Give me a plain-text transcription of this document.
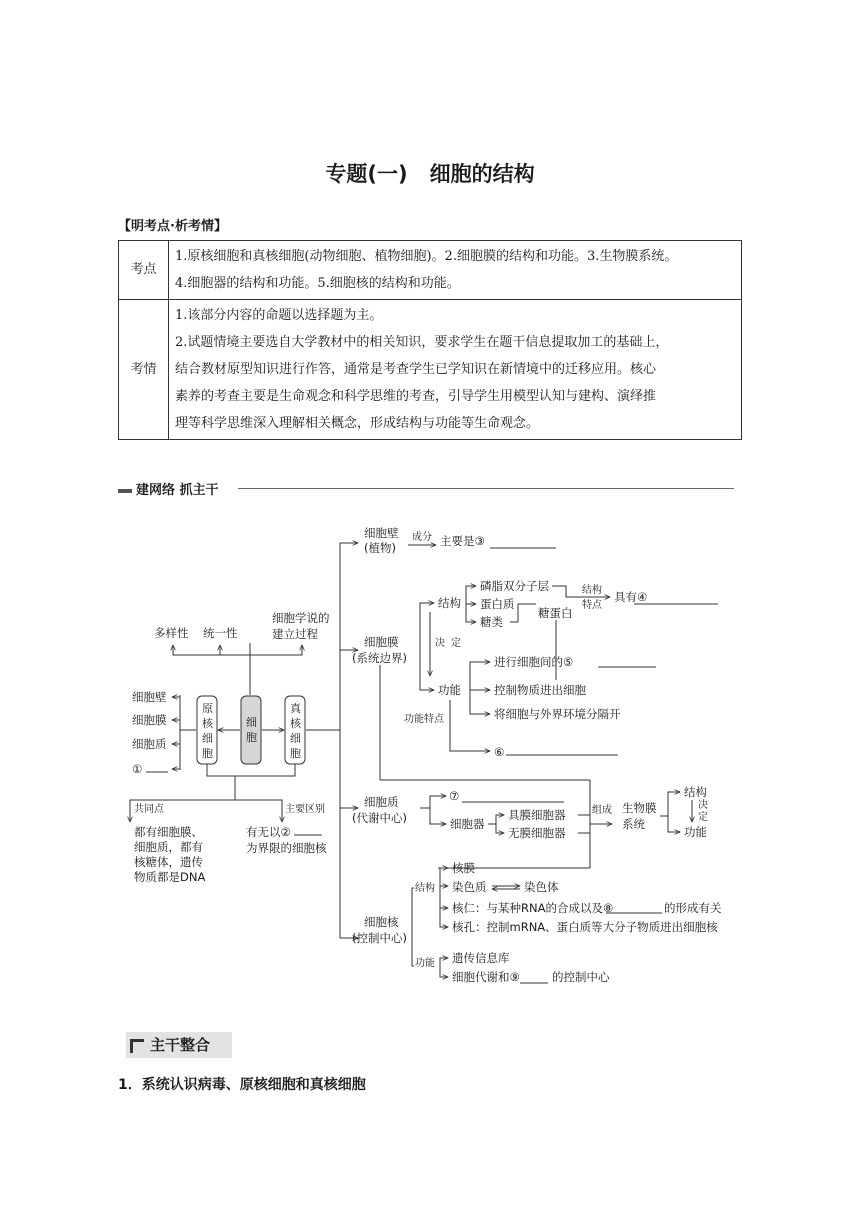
专题(一) 细胞的结构
【明考点·析考情】
考点	1.原核细胞和真核细胞(动物细胞、植物细胞)。2.细胞膜的结构和功能。3.生物膜系统。
4.细胞器的结构和功能。5.细胞核的结构和功能。

考情	1.该部分内容的命题以选择题为主。
2.试题情境主要选自大学教材中的相关知识，要求学生在题干信息提取加工的基础上，
结合教材原型知识进行作答，通常是考查学生已学知识在新情境中的迁移应用。核心
素养的考查主要是生命观念和科学思维的考查，引导学生用模型认知与建构、演绎推
理等科学思维深入理解相关概念，形成结构与功能等生命观念。
建网络 抓主干
多样性 统一性
细胞学说的
建立过程
原
核
细
胞
细
胞
真
核
细
胞
细胞壁
细胞膜
细胞质
①
共同点
都有细胞膜、
细胞质，都有
核糖体，遗传
物质都是DNA
主要区别
有无以②
为界限的细胞核
细胞壁
(植物)
成分 主要是③
细胞膜
(系统边界)
结构
磷脂双分子层
蛋白质
糖类
糖蛋白
结构
特点
具有④
决 定
功能
进行细胞间的⑤
控制物质进出细胞
将细胞与外界环境分隔开
功能特点
⑥
细胞质
(代谢中心)
⑦
细胞器
具膜细胞器
无膜细胞器
组成 生物膜
系统
结构
决
定
功能
细胞核
(控制中心)
结构
核膜
染色质	染色体
核仁：与某种RNA的合成以及⑧	的形成有关
核孔：控制mRNA、蛋白质等大分子物质进出细胞核
功能 遗传信息库
细胞代谢和⑨	的控制中心
主干整合
1．系统认识病毒、原核细胞和真核细胞
